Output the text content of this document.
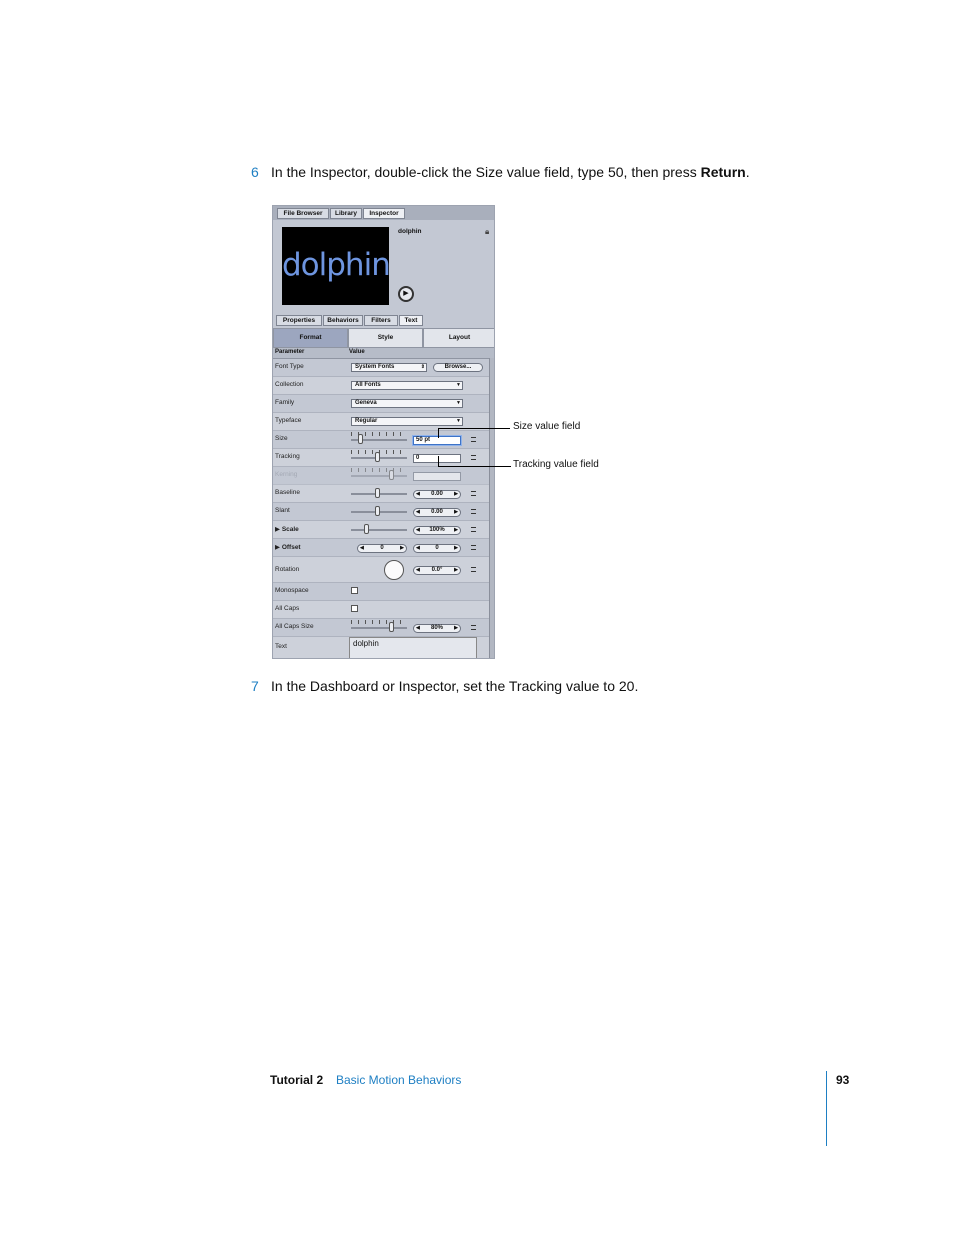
6 In the Inspector, double-click the Size value field, type 50, then press Return.
File Browser	Library	Inspector
dolphin
dolphin	🔒︎
▶
Properties	Behaviors	Filters	Text
Format	Style	Layout
Parameter	Value
Font Type	System Fonts	⇕	Browse...
Collection	All Fonts	▼
Family	Geneva	▼
Typeface	Regular	▼
Size	50 pt
Tracking	0
Kerning
Baseline	◀ 0.00 ▶
Slant	◀ 0.00 ▶
▶ Scale	◀ 100% ▶
▶ Offset	◀	0	▶ ◀	0	▶
Rotation	◀ 0.0° ▶
Monospace
All Caps
All Caps Size	◀ 80% ▶
Text	dolphin
Size value field
Tracking value field
7 In the Dashboard or Inspector, set the Tracking value to 20.
Tutorial 2 Basic Motion Behaviors	93
